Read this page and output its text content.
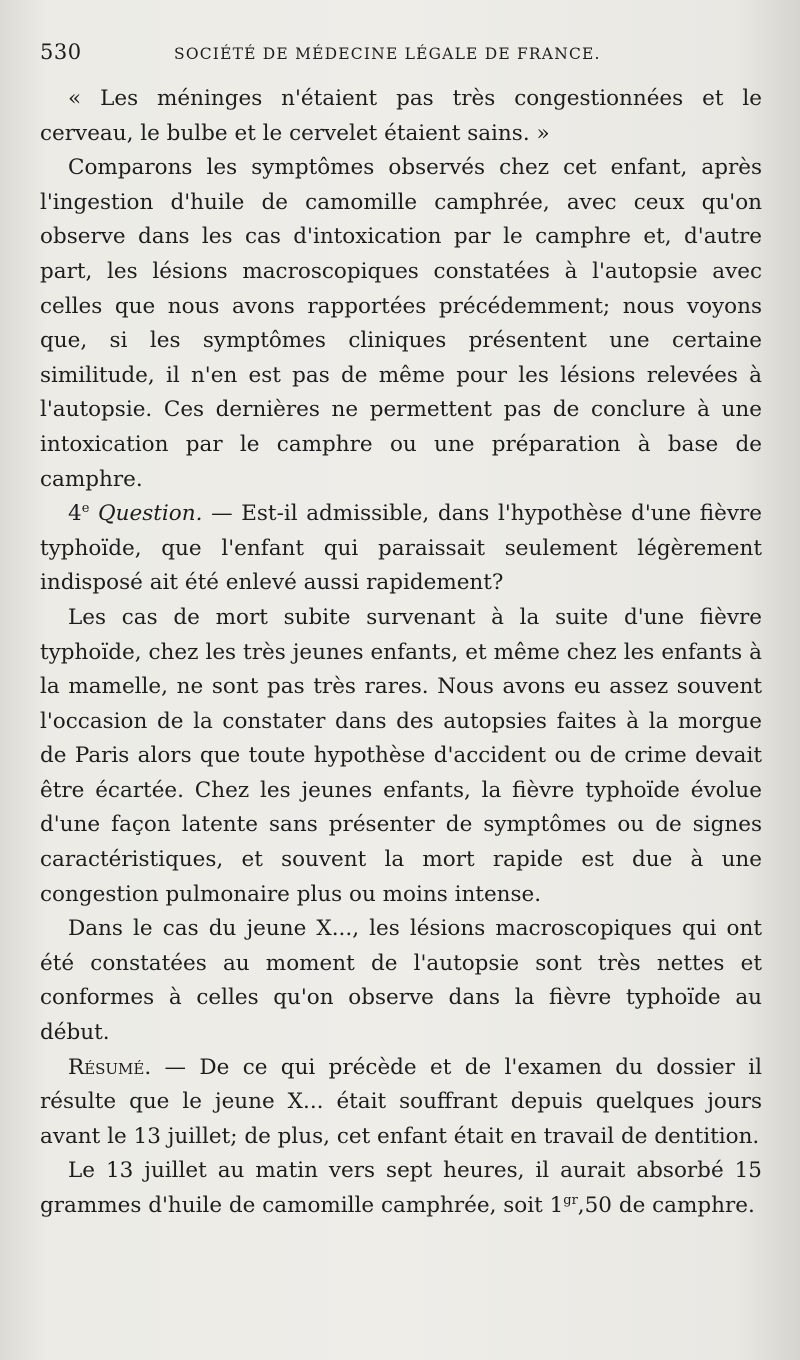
530	SOCIÉTÉ DE MÉDECINE LÉGALE DE FRANCE.

« Les méninges n'étaient pas très congestionnées et le cerveau, le bulbe et le cervelet étaient sains. »

Comparons les symptômes observés chez cet enfant, après l'ingestion d'huile de camomille camphrée, avec ceux qu'on observe dans les cas d'intoxication par le camphre et, d'autre part, les lésions macroscopiques constatées à l'autopsie avec celles que nous avons rapportées précédemment; nous voyons que, si les symptômes cliniques présentent une certaine similitude, il n'en est pas de même pour les lésions relevées à l'autopsie. Ces dernières ne permettent pas de conclure à une intoxication par le camphre ou une préparation à base de camphre.

4e Question. — Est-il admissible, dans l'hypothèse d'une fièvre typhoïde, que l'enfant qui paraissait seulement légèrement indisposé ait été enlevé aussi rapidement?

Les cas de mort subite survenant à la suite d'une fièvre typhoïde, chez les très jeunes enfants, et même chez les enfants à la mamelle, ne sont pas très rares. Nous avons eu assez souvent l'occasion de la constater dans des autopsies faites à la morgue de Paris alors que toute hypothèse d'accident ou de crime devait être écartée. Chez les jeunes enfants, la fièvre typhoïde évolue d'une façon latente sans présenter de symptômes ou de signes caractéristiques, et souvent la mort rapide est due à une congestion pulmonaire plus ou moins intense.

Dans le cas du jeune X..., les lésions macroscopiques qui ont été constatées au moment de l'autopsie sont très nettes et conformes à celles qu'on observe dans la fièvre typhoïde au début.

Résumé. — De ce qui précède et de l'examen du dossier il résulte que le jeune X... était souffrant depuis quelques jours avant le 13 juillet; de plus, cet enfant était en travail de dentition.

Le 13 juillet au matin vers sept heures, il aurait absorbé 15 grammes d'huile de camomille camphrée, soit $1^{gr},50$ de camphre.
